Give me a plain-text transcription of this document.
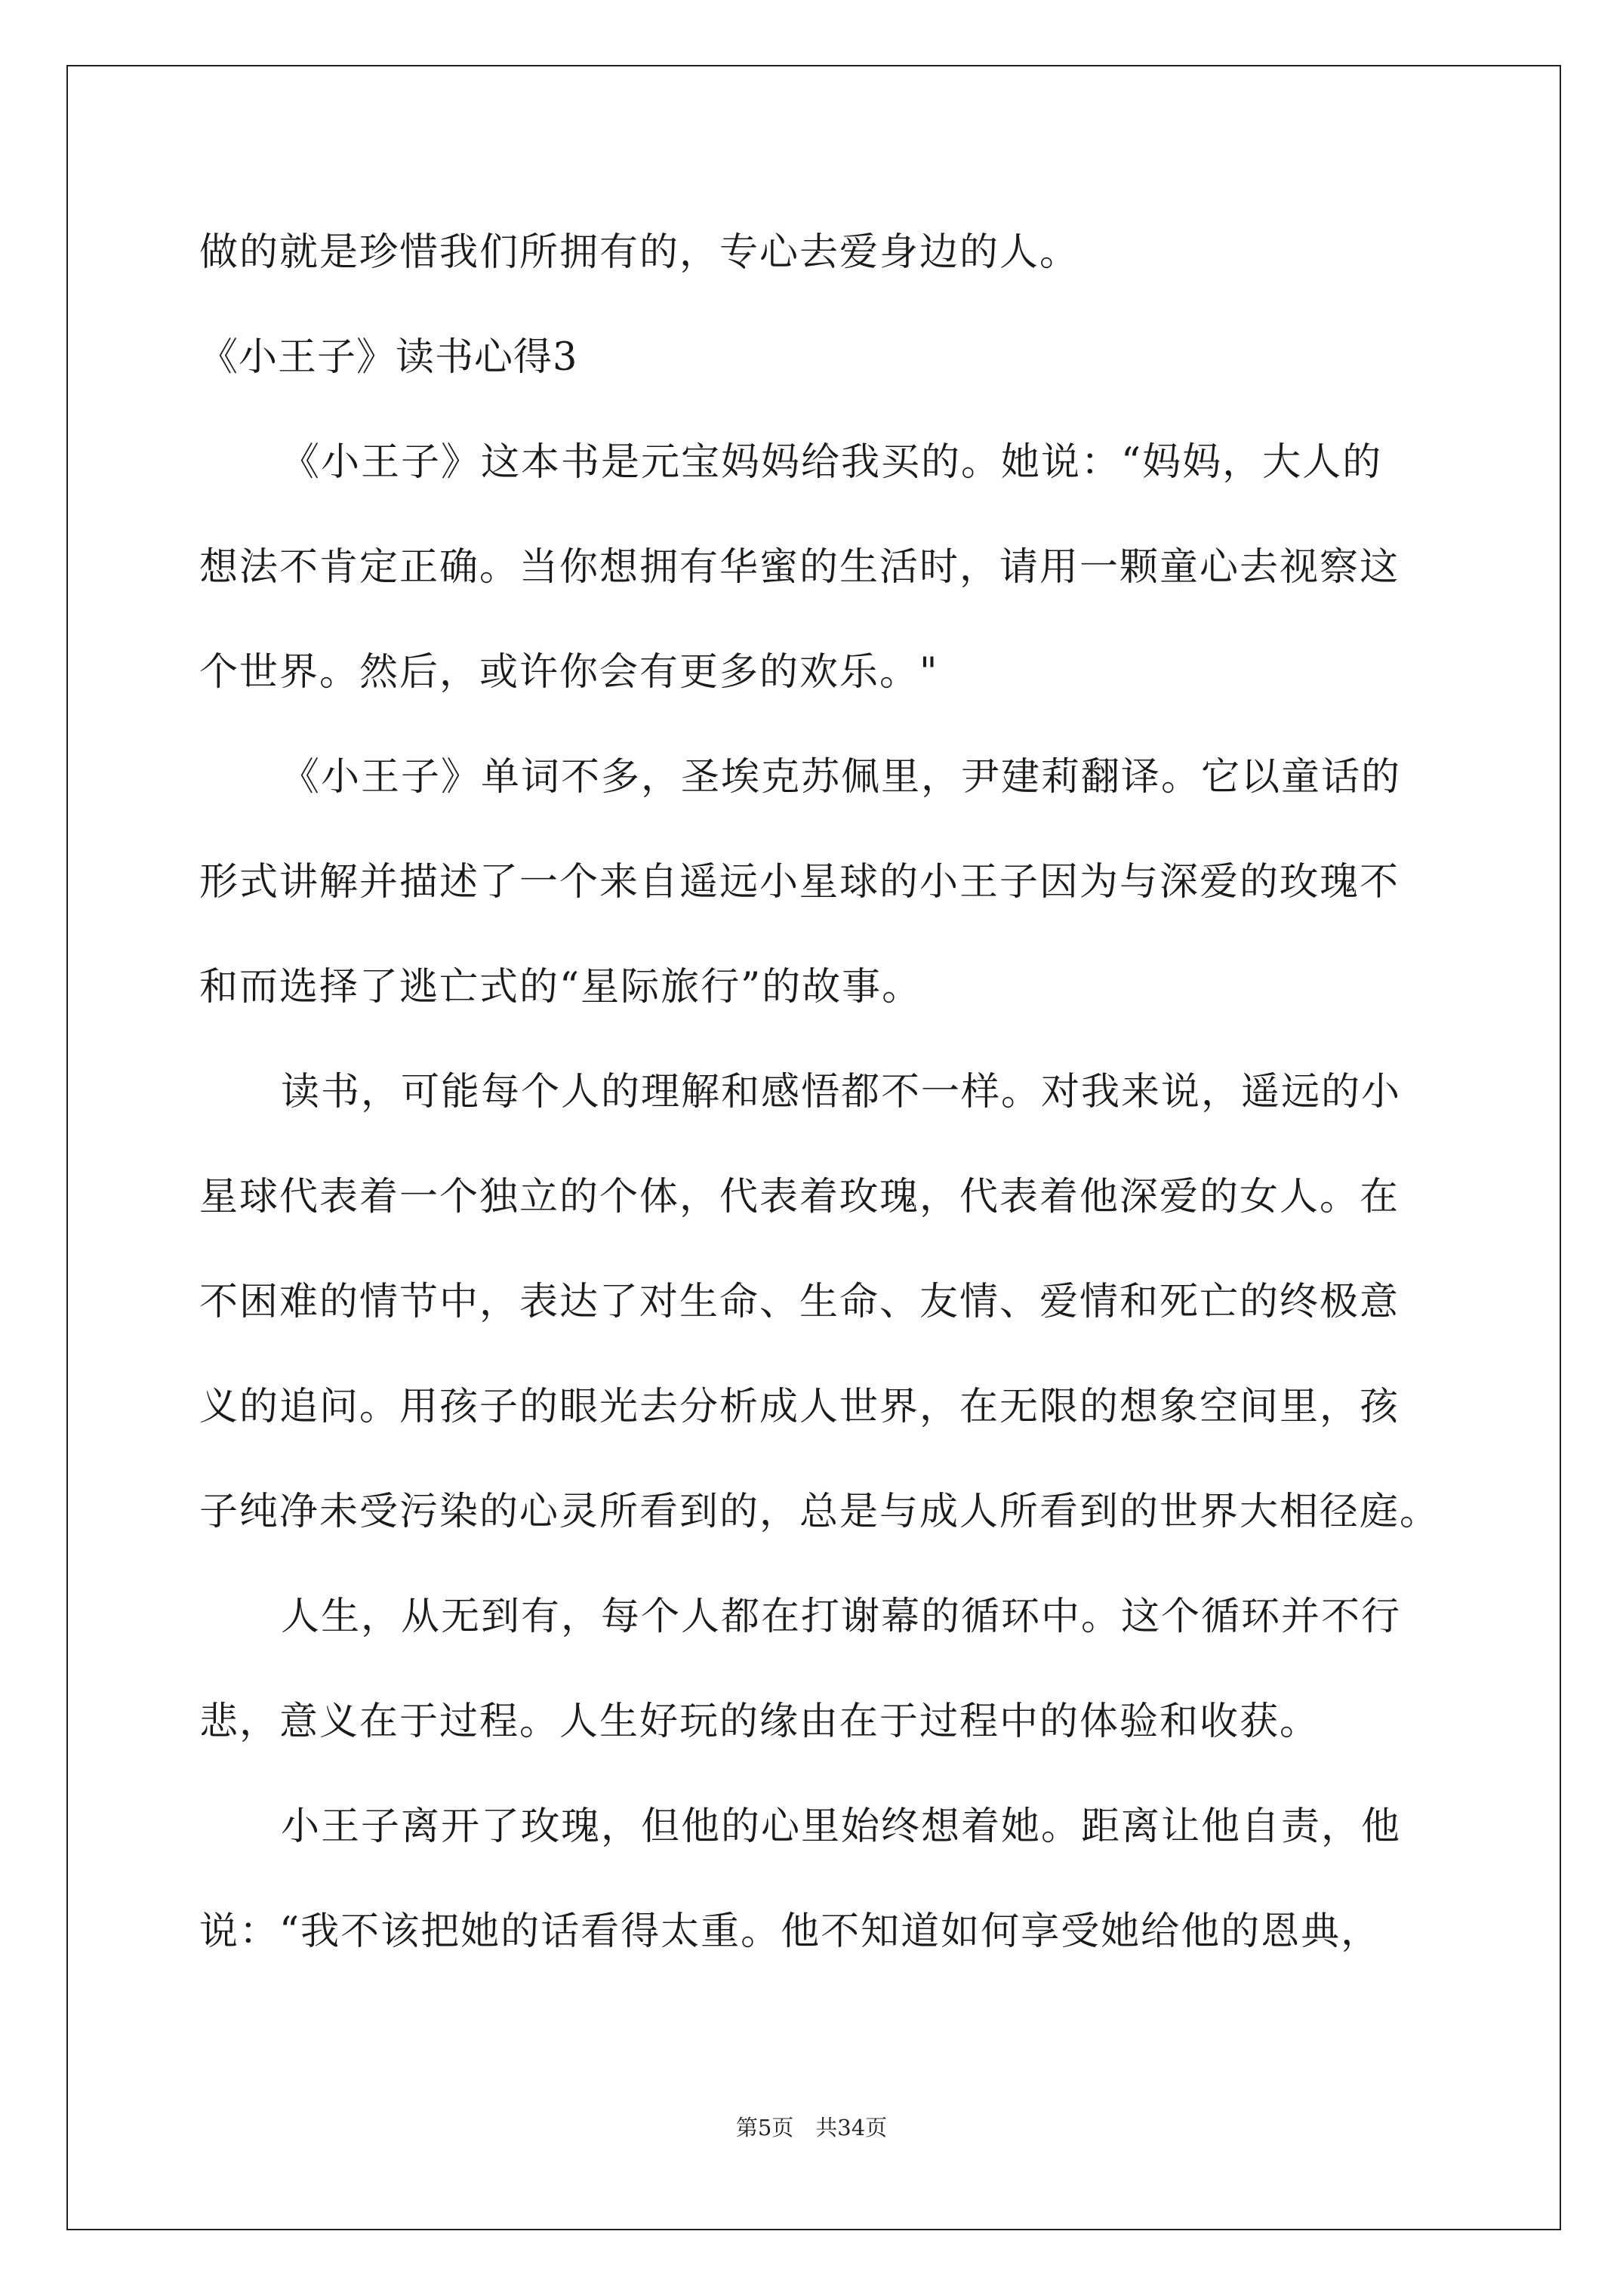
做的就是珍惜我们所拥有的，专心去爱身边的人。
《小王子》读书心得3
《小王子》这本书是元宝妈妈给我买的。她说：“妈妈，大人的
想法不肯定正确。当你想拥有华蜜的生活时，请用一颗童心去视察这
个世界。然后，或许你会有更多的欢乐。"
《小王子》单词不多，圣埃克苏佩里，尹建莉翻译。它以童话的
形式讲解并描述了一个来自遥远小星球的小王子因为与深爱的玫瑰不
和而选择了逃亡式的“星际旅行”的故事。
读书，可能每个人的理解和感悟都不一样。对我来说，遥远的小
星球代表着一个独立的个体，代表着玫瑰，代表着他深爱的女人。在
不困难的情节中，表达了对生命、生命、友情、爱情和死亡的终极意
义的追问。用孩子的眼光去分析成人世界，在无限的想象空间里，孩
子纯净未受污染的心灵所看到的，总是与成人所看到的世界大相径庭。
人生，从无到有，每个人都在打谢幕的循环中。这个循环并不行
悲，意义在于过程。人生好玩的缘由在于过程中的体验和收获。
小王子离开了玫瑰，但他的心里始终想着她。距离让他自责，他
说：“我不该把她的话看得太重。他不知道如何享受她给他的恩典，
第5页　共34页
